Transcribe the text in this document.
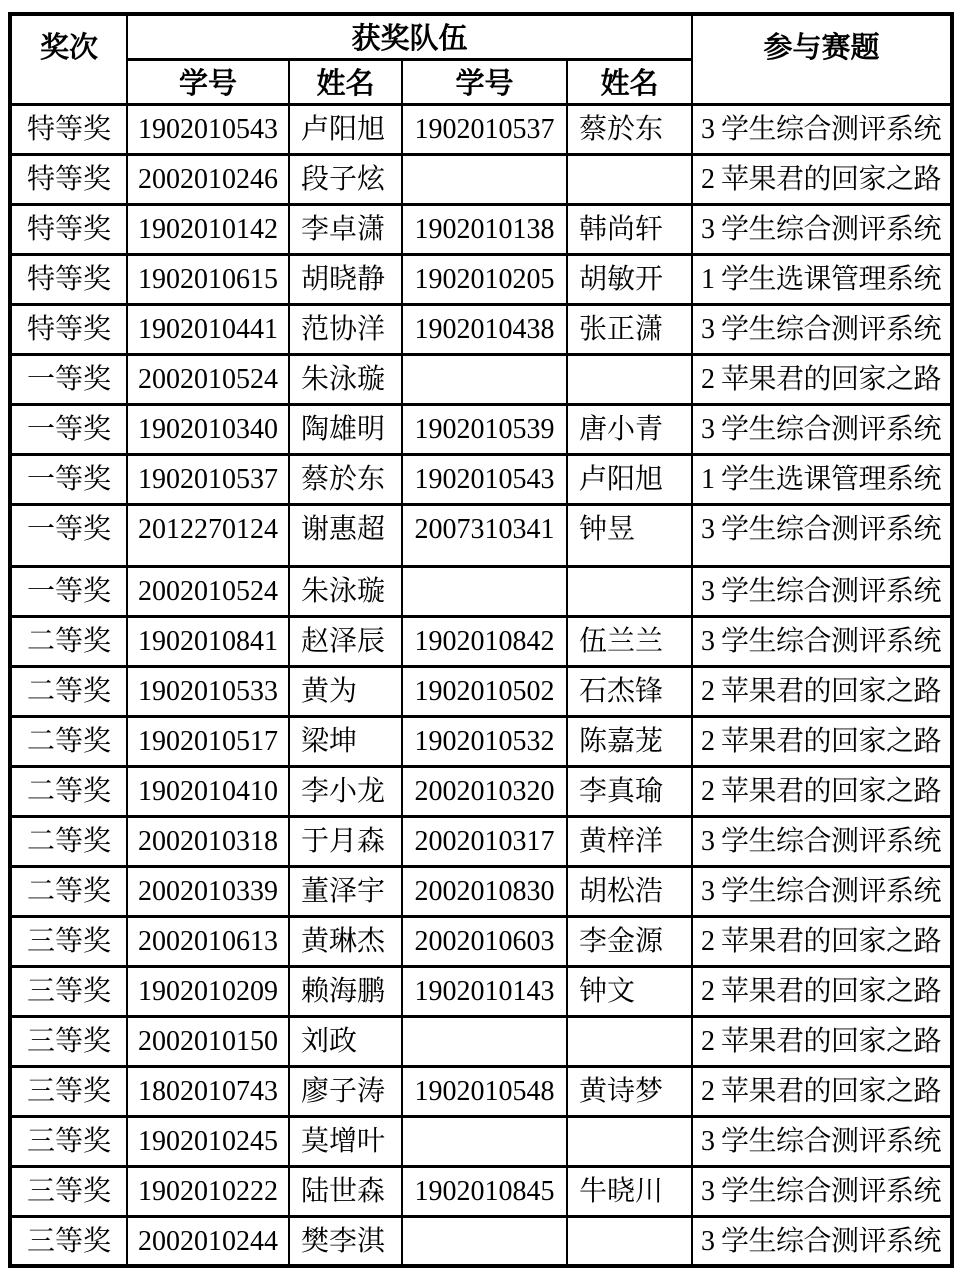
奖次	获奖队伍				参与赛题
	学号	姓名	学号	姓名	
特等奖	1902010543	卢阳旭	1902010537	蔡於东	3 学生综合测评系统
特等奖	2002010246	段子炫			2 苹果君的回家之路
特等奖	1902010142	李卓潇	1902010138	韩尚轩	3 学生综合测评系统
特等奖	1902010615	胡晓静	1902010205	胡敏开	1 学生选课管理系统
特等奖	1902010441	范协洋	1902010438	张正潇	3 学生综合测评系统
一等奖	2002010524	朱泳璇			2 苹果君的回家之路
一等奖	1902010340	陶雄明	1902010539	唐小青	3 学生综合测评系统
一等奖	1902010537	蔡於东	1902010543	卢阳旭	1 学生选课管理系统
一等奖	2012270124	谢惠超	2007310341	钟昱	3 学生综合测评系统
一等奖	2002010524	朱泳璇			3 学生综合测评系统
二等奖	1902010841	赵泽辰	1902010842	伍兰兰	3 学生综合测评系统
二等奖	1902010533	黄为	1902010502	石杰锋	2 苹果君的回家之路
二等奖	1902010517	梁坤	1902010532	陈嘉茏	2 苹果君的回家之路
二等奖	1902010410	李小龙	2002010320	李真瑜	2 苹果君的回家之路
二等奖	2002010318	于月森	2002010317	黄梓洋	3 学生综合测评系统
二等奖	2002010339	董泽宇	2002010830	胡松浩	3 学生综合测评系统
三等奖	2002010613	黄琳杰	2002010603	李金源	2 苹果君的回家之路
三等奖	1902010209	赖海鹏	1902010143	钟文	2 苹果君的回家之路
三等奖	2002010150	刘政			2 苹果君的回家之路
三等奖	1802010743	廖子涛	1902010548	黄诗梦	2 苹果君的回家之路
三等奖	1902010245	莫增叶			3 学生综合测评系统
三等奖	1902010222	陆世森	1902010845	牛晓川	3 学生综合测评系统
三等奖	2002010244	樊李淇			3 学生综合测评系统
